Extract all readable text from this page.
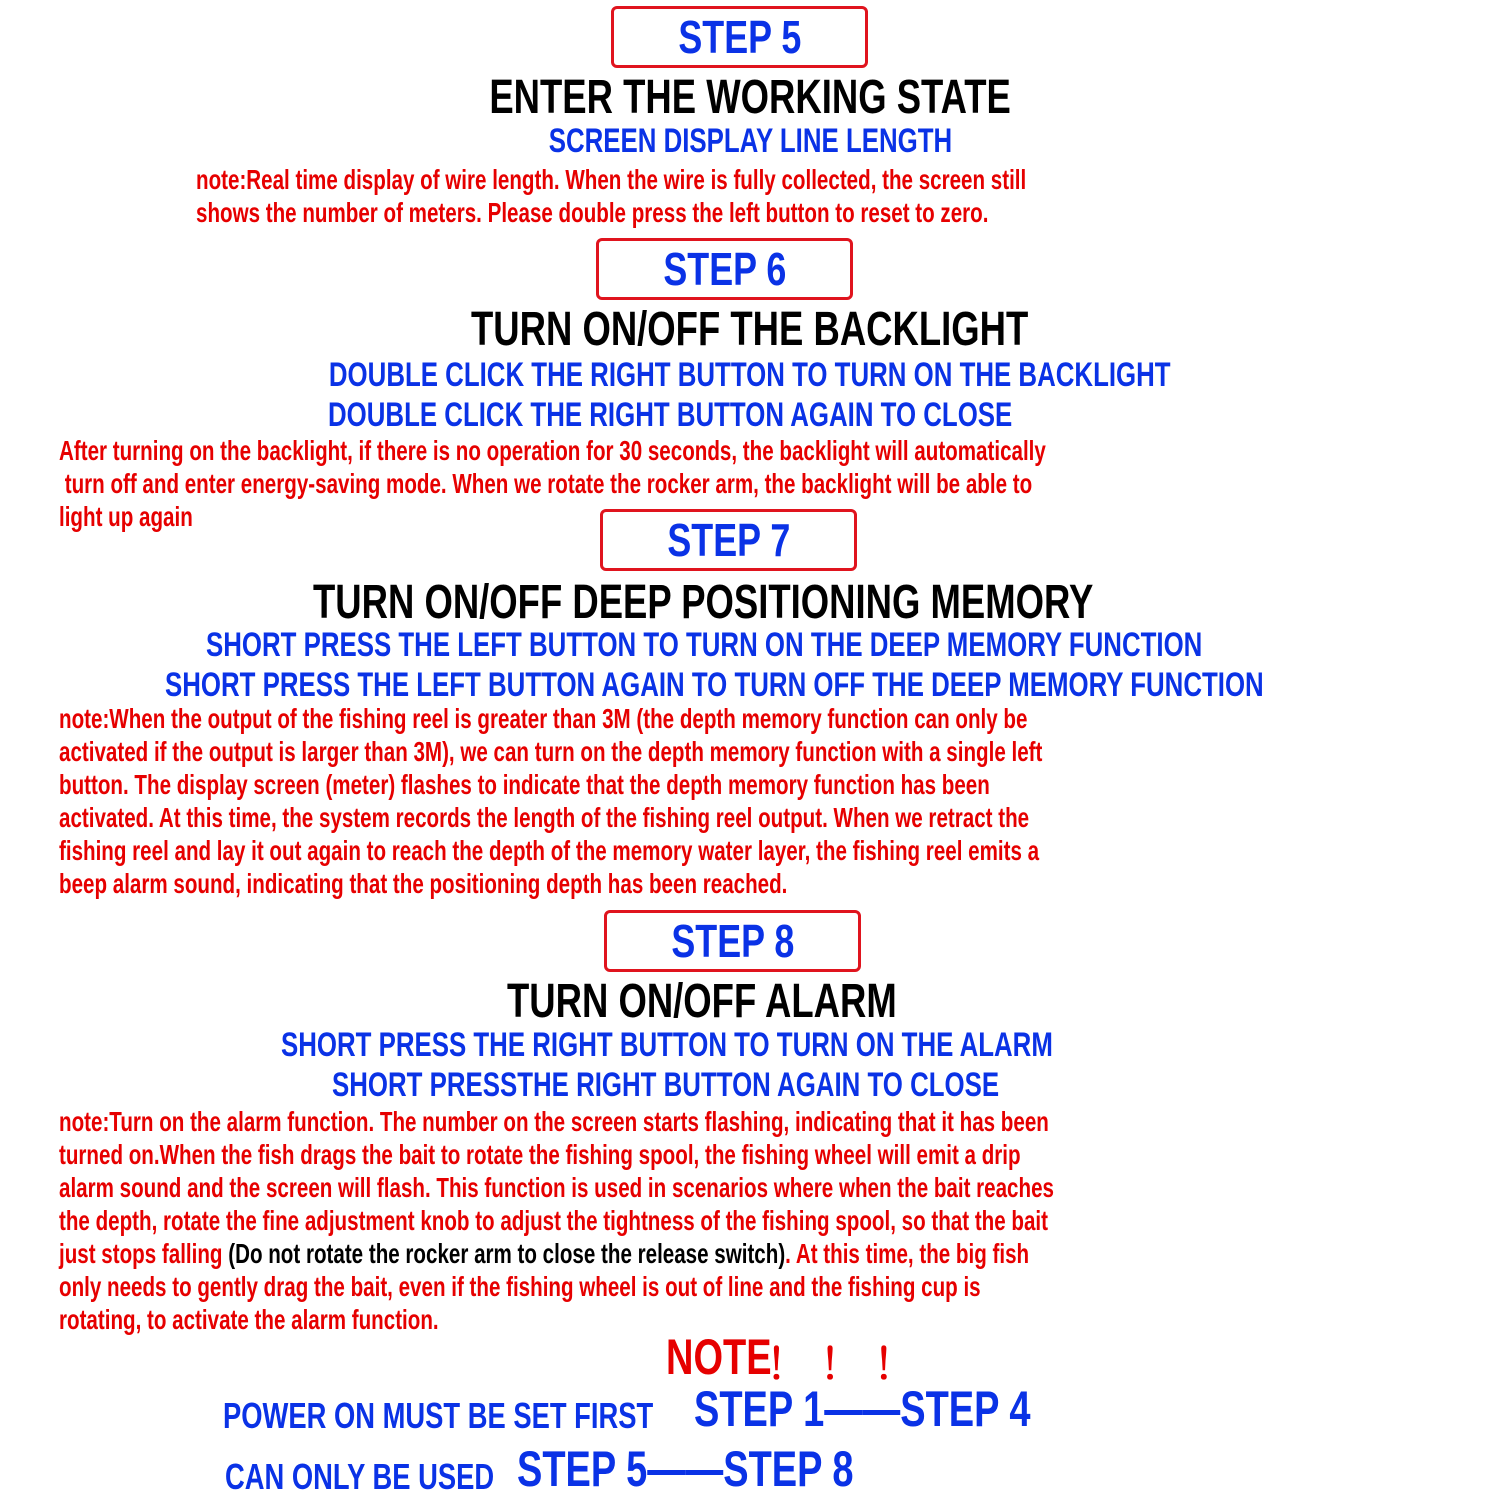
STEP 5
ENTER THE WORKING STATE
SCREEN DISPLAY LINE LENGTH
note:Real time display of wire length. When the wire is fully collected, the screen still
shows the number of meters. Please double press the left button to reset to zero.
STEP 6
TURN ON/OFF THE BACKLIGHT
DOUBLE CLICK THE RIGHT BUTTON TO TURN ON THE BACKLIGHT
DOUBLE CLICK THE RIGHT BUTTON AGAIN TO CLOSE
After turning on the backlight, if there is no operation for 30 seconds, the backlight will automatically
turn off and enter energy-saving mode. When we rotate the rocker arm, the backlight will be able to
light up again	STEP 7
TURN ON/OFF DEEP POSITIONING MEMORY
SHORT PRESS THE LEFT BUTTON TO TURN ON THE DEEP MEMORY FUNCTION
SHORT PRESS THE LEFT BUTTON AGAIN TO TURN OFF THE DEEP MEMORY FUNCTION
note:When the output of the fishing reel is greater than 3M (the depth memory function can only be
activated if the output is larger than 3M), we can turn on the depth memory function with a single left
button. The display screen (meter) flashes to indicate that the depth memory function has been
activated. At this time, the system records the length of the fishing reel output. When we retract the
fishing reel and lay it out again to reach the depth of the memory water layer, the fishing reel emits a
beep alarm sound, indicating that the positioning depth has been reached.
STEP 8
TURN ON/OFF ALARM
SHORT PRESS THE RIGHT BUTTON TO TURN ON THE ALARM
SHORT PRESSTHE RIGHT BUTTON AGAIN TO CLOSE
note:Turn on the alarm function. The number on the screen starts flashing, indicating that it has been
turned on.When the fish drags the bait to rotate the fishing spool, the fishing wheel will emit a drip
alarm sound and the screen will flash. This function is used in scenarios where when the bait reaches
the depth, rotate the fine adjustment knob to adjust the tightness of the fishing spool, so that the bait
just stops falling (Do not rotate the rocker arm to close the release switch). At this time, the big fish
only needs to gently drag the bait, even if the fishing wheel is out of line and the fishing cup is
rotating, to activate the alarm function.
NOTE
！ ！ ！
POWER ON MUST BE SET FIRST STEP 1——STEP 4
CAN ONLY BE USED STEP 5——STEP 8
